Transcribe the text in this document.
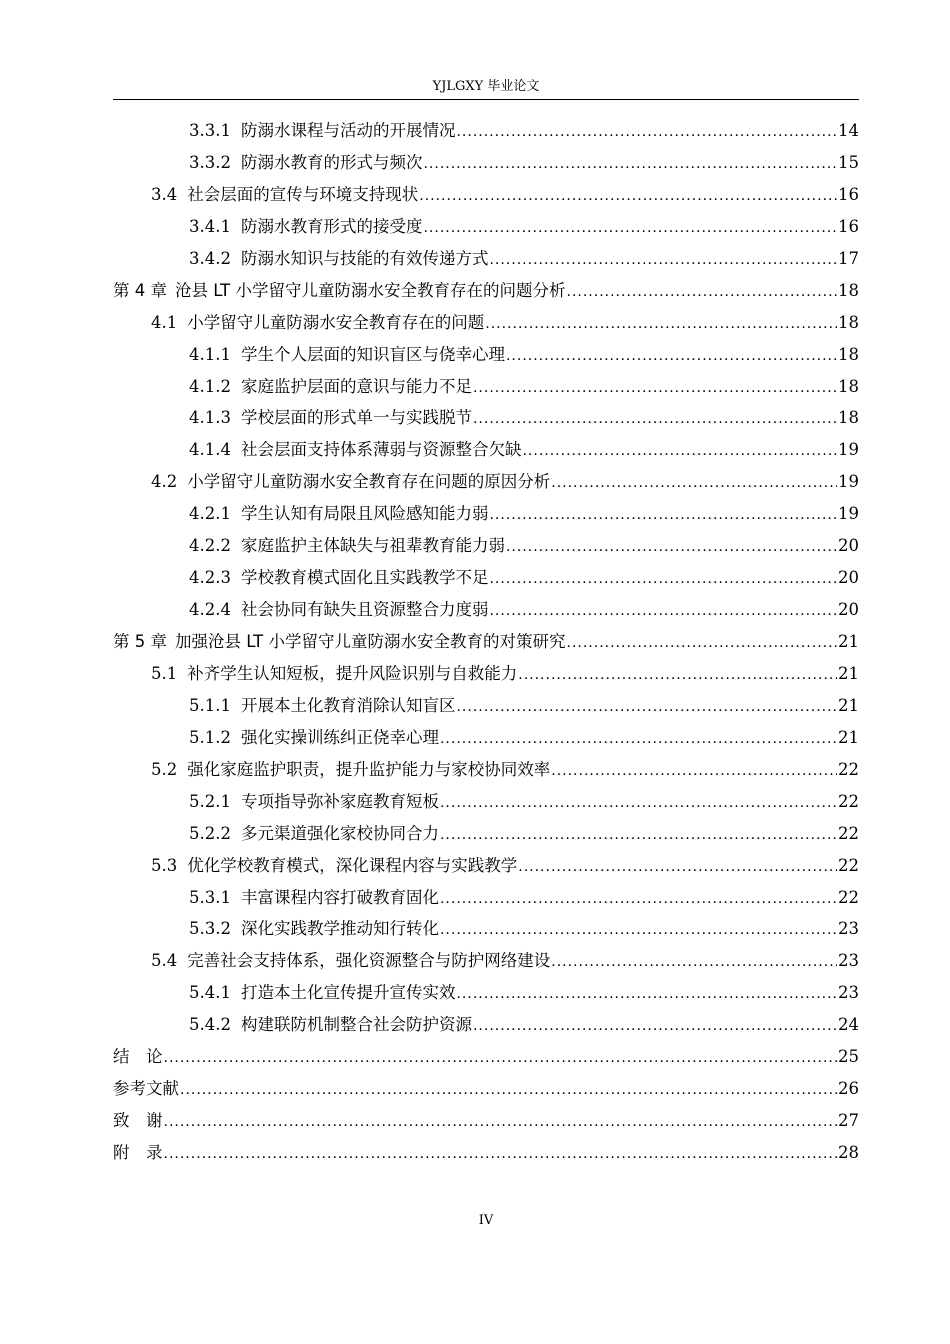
YJLGXY 毕业论文
3.3.1 防溺水课程与活动的开展情况 .....	14
3.3.2 防溺水教育的形式与频次 .....	15
3.4 社会层面的宣传与环境支持现状 .....	16
3.4.1 防溺水教育形式的接受度 .....	16
3.4.2 防溺水知识与技能的有效传递方式 .....	17
第 4 章 沧县 LT 小学留守儿童防溺水安全教育存在的问题分析 .....	18
4.1 小学留守儿童防溺水安全教育存在的问题 .....	18
4.1.1 学生个人层面的知识盲区与侥幸心理 .....	18
4.1.2 家庭监护层面的意识与能力不足 .....	18
4.1.3 学校层面的形式单一与实践脱节 .....	18
4.1.4 社会层面支持体系薄弱与资源整合欠缺 .....	19
4.2 小学留守儿童防溺水安全教育存在问题的原因分析 .....	19
4.2.1 学生认知有局限且风险感知能力弱 .....	19
4.2.2 家庭监护主体缺失与祖辈教育能力弱 .....	20
4.2.3 学校教育模式固化且实践教学不足 .....	20
4.2.4 社会协同有缺失且资源整合力度弱 .....	20
第 5 章 加强沧县 LT 小学留守儿童防溺水安全教育的对策研究 .....	21
5.1 补齐学生认知短板，提升风险识别与自救能力 .....	21
5.1.1 开展本土化教育消除认知盲区 .....	21
5.1.2 强化实操训练纠正侥幸心理 .....	21
5.2 强化家庭监护职责，提升监护能力与家校协同效率 .....	22
5.2.1 专项指导弥补家庭教育短板 .....	22
5.2.2 多元渠道强化家校协同合力 .....	22
5.3 优化学校教育模式，深化课程内容与实践教学 .....	22
5.3.1 丰富课程内容打破教育固化 .....	22
5.3.2 深化实践教学推动知行转化 .....	23
5.4 完善社会支持体系，强化资源整合与防护网络建设 .....	23
5.4.1 打造本土化宣传提升宣传实效 .....	23
5.4.2 构建联防机制整合社会防护资源 .....	24
结　论 .....	25
参考文献 .....	26
致　谢 .....	27
附　录 .....	28
IV
